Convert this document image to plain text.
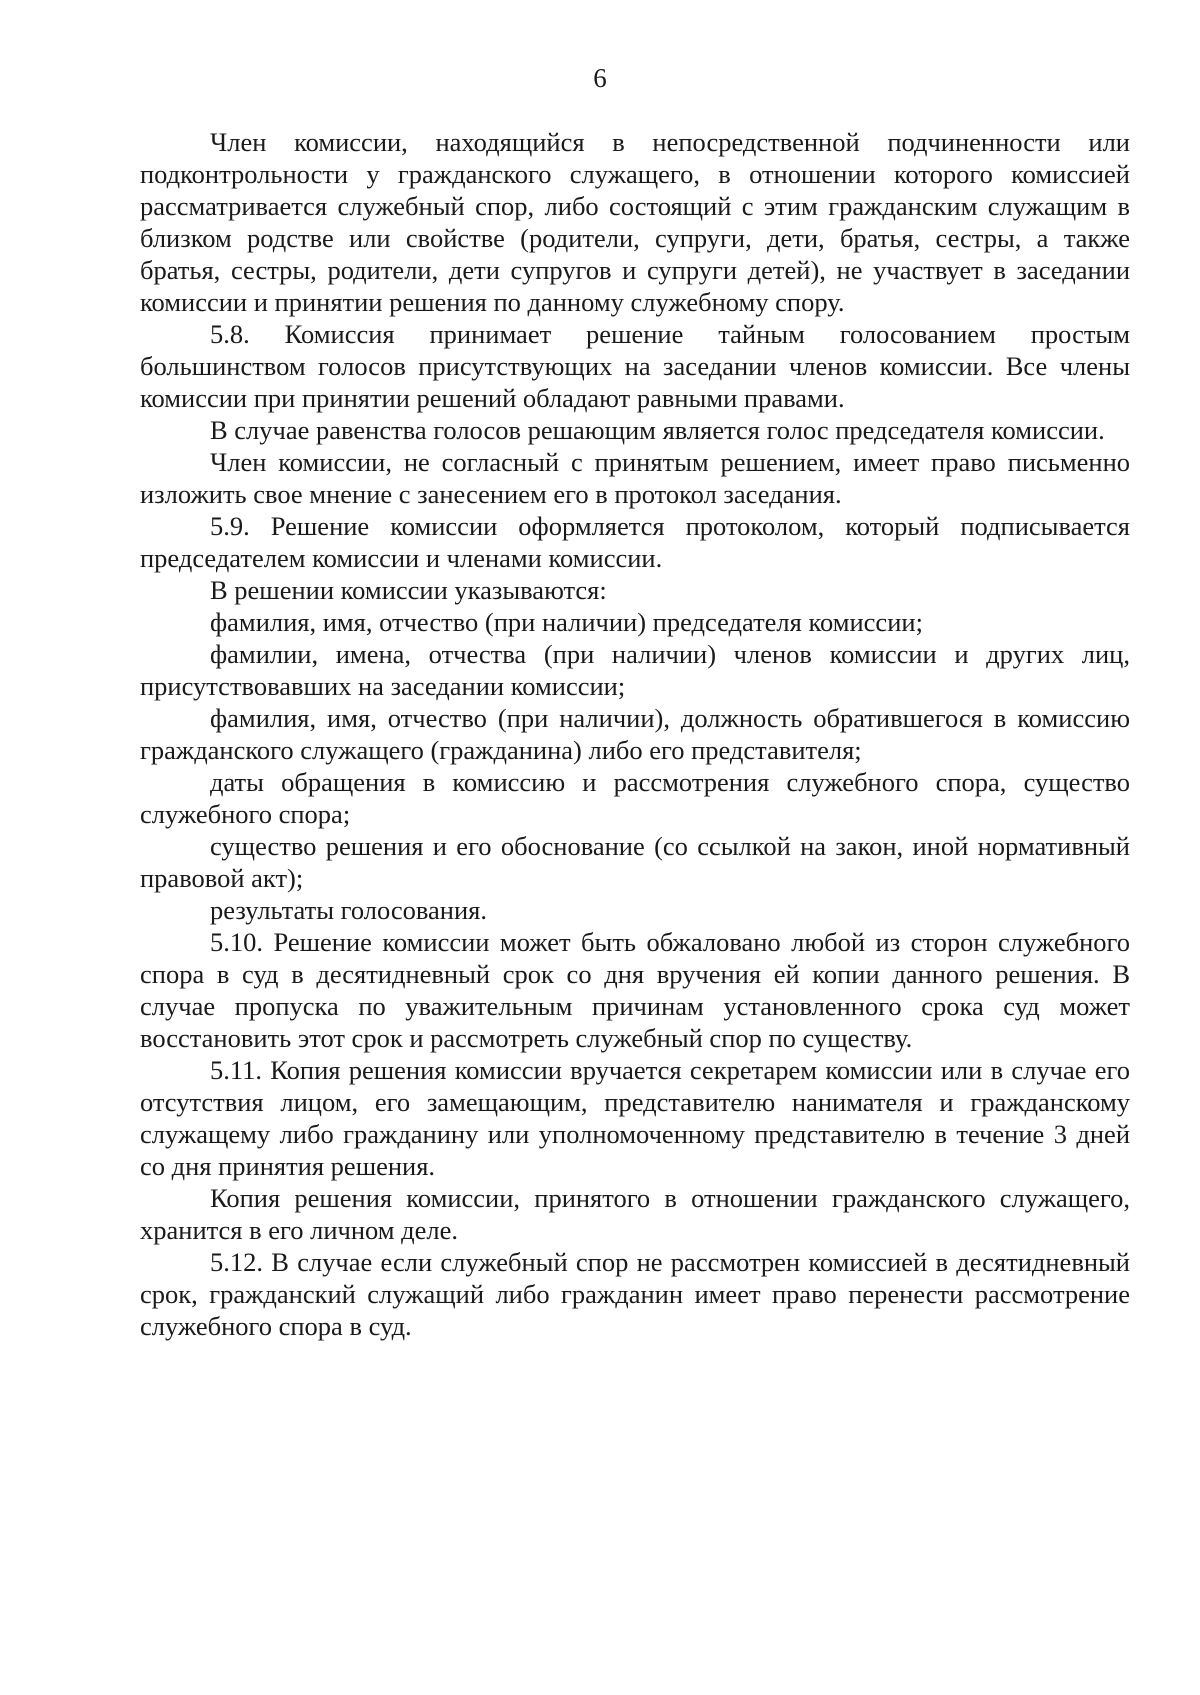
6

Член комиссии, находящийся в непосредственной подчиненности или подконтрольности у гражданского служащего, в отношении которого комиссией рассматривается служебный спор, либо состоящий с этим гражданским служащим в близком родстве или свойстве (родители, супруги, дети, братья, сестры, а также братья, сестры, родители, дети супругов и супруги детей), не участвует в заседании комиссии и принятии решения по данному служебному спору.

5.8. Комиссия принимает решение тайным голосованием простым большинством голосов присутствующих на заседании членов комиссии. Все члены комиссии при принятии решений обладают равными правами.

В случае равенства голосов решающим является голос председателя комиссии.

Член комиссии, не согласный с принятым решением, имеет право письменно изложить свое мнение с занесением его в протокол заседания.

5.9. Решение комиссии оформляется протоколом, который подписывается председателем комиссии и членами комиссии.

В решении комиссии указываются:

фамилия, имя, отчество (при наличии) председателя комиссии;

фамилии, имена, отчества (при наличии) членов комиссии и других лиц, присутствовавших на заседании комиссии;

фамилия, имя, отчество (при наличии), должность обратившегося в комиссию гражданского служащего (гражданина) либо его представителя;

даты обращения в комиссию и рассмотрения служебного спора, существо служебного спора;

существо решения и его обоснование (со ссылкой на закон, иной нормативный правовой акт);

результаты голосования.

5.10. Решение комиссии может быть обжаловано любой из сторон служебного спора в суд в десятидневный срок со дня вручения ей копии данного решения. В случае пропуска по уважительным причинам установленного срока суд может восстановить этот срок и рассмотреть служебный спор по существу.

5.11. Копия решения комиссии вручается секретарем комиссии или в случае его отсутствия лицом, его замещающим, представителю нанимателя и гражданскому служащему либо гражданину или уполномоченному представителю в течение 3 дней со дня принятия решения.

Копия решения комиссии, принятого в отношении гражданского служащего, хранится в его личном деле.

5.12. В случае если служебный спор не рассмотрен комиссией в десятидневный срок, гражданский служащий либо гражданин имеет право перенести рассмотрение служебного спора в суд.
